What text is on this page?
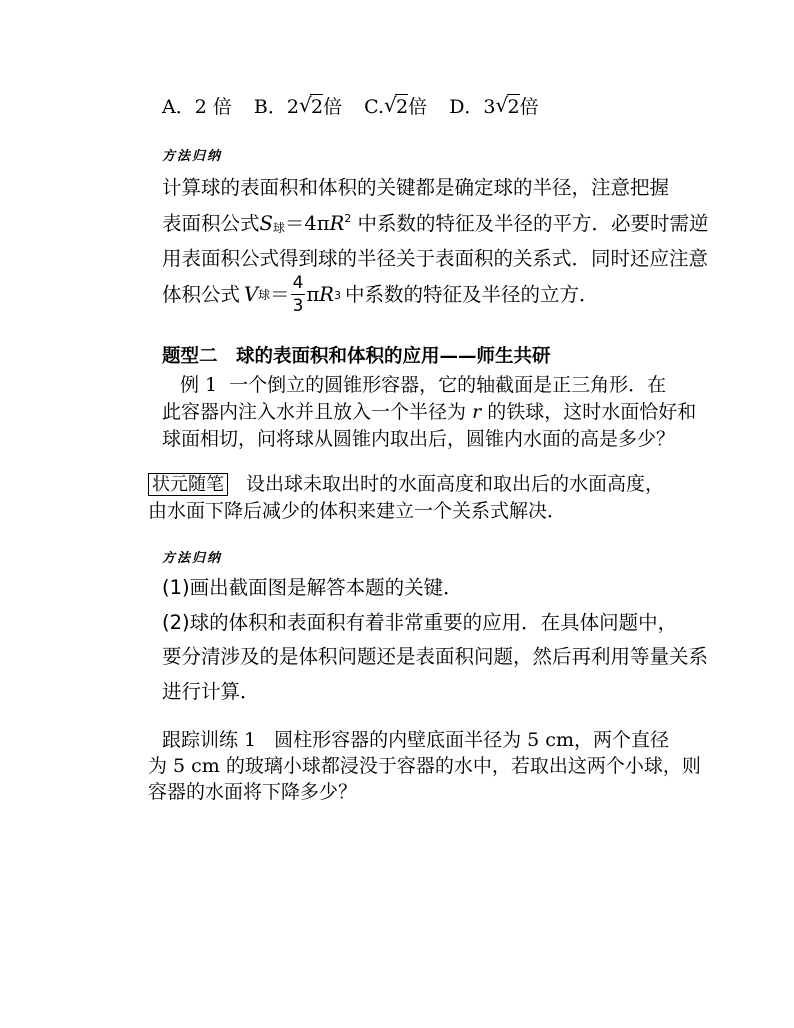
A．2 倍 B．2 √ 2倍 C. √ 2倍 D．3 √ 2倍
方法归纳
计算球的表面积和体积的关键都是确定球的半径，注意把握
表面积公式S球$=4\pi R^2$ 中系数的特征及半径的平方．必要时需逆
用表面积公式得到球的半径关于表面积的关系式．同时还应注意
体积公式 V 球 ＝ $\frac{4}{3}$ π R 3 中系数的特征及半径的立方．
题型二　球的表面积和体积的应用——师生共研
例 1 一个倒立的圆锥形容器，它的轴截面是正三角形．在
此容器内注入水并且放入一个半径为 r 的铁球，这时水面恰好和
球面相切，问将球从圆锥内取出后，圆锥内水面的高是多少？
状元随笔 设出球未取出时的水面高度和取出后的水面高度，
由水面下降后减少的体积来建立一个关系式解决．
方法归纳
(1)画出截面图是解答本题的关键．
(2)球的体积和表面积有着非常重要的应用．在具体问题中，
要分清涉及的是体积问题还是表面积问题，然后再利用等量关系
进行计算．
跟踪训练 1 圆柱形容器的内壁底面半径为 5 cm，两个直径
为 5 cm 的玻璃小球都浸没于容器的水中，若取出这两个小球，则
容器的水面将下降多少？
